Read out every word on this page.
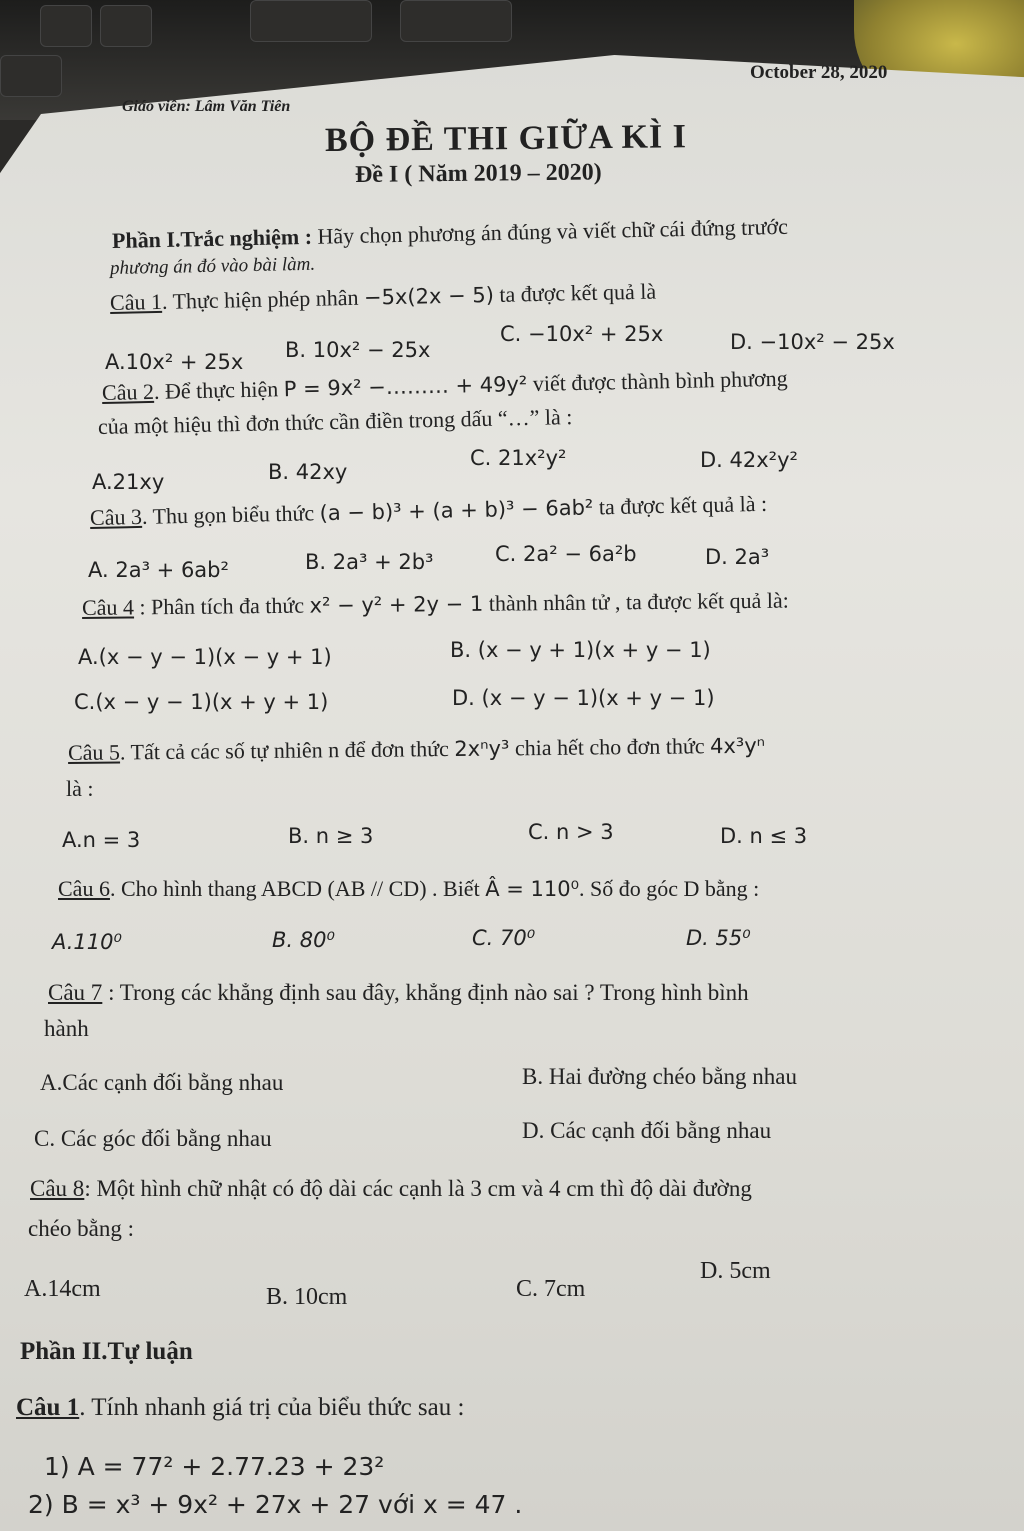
October 28, 2020
Giáo viên: Lâm Văn Tiên
BỘ ĐỀ THI GIỮA KÌ I
Đề I ( Năm 2019 – 2020)
Phần I.Trắc nghiệm : Hãy chọn phương án đúng và viết chữ cái đứng trước
phương án đó vào bài làm.
Câu 1. Thực hiện phép nhân −5x(2x − 5) ta được kết quả là
A.10x² + 25x B. 10x² − 25x
C. −10x² + 25x	D. −10x² − 25x
Câu 2. Để thực hiện P = 9x² −……… + 49y² viết được thành bình phương
của một hiệu thì đơn thức cần điền trong dấu “…” là :
A.21xy	B. 42xy
C. 21x²y²	D. 42x²y²
Câu 3. Thu gọn biểu thức (a − b)³ + (a + b)³ − 6ab² ta được kết quả là :
A. 2a³ + 6ab²	B. 2a³ + 2b³	C. 2a² − 6a²b	D. 2a³
Câu 4 : Phân tích đa thức x² − y² + 2y − 1 thành nhân tử , ta được kết quả là:
A.(x − y − 1)(x − y + 1)	B. (x − y + 1)(x + y − 1)
C.(x − y − 1)(x + y + 1)	D. (x − y − 1)(x + y − 1)
Câu 5. Tất cả các số tự nhiên n để đơn thức 2xⁿy³ chia hết cho đơn thức 4x³yⁿ
là :
A.n = 3	B. n ≥ 3	C. n > 3	D. n ≤ 3
Câu 6. Cho hình thang ABCD (AB // CD) . Biết Â = 110⁰. Số đo góc D bằng :
A.110⁰	B. 80⁰	C. 70⁰	D. 55⁰
Câu 7 : Trong các khẳng định sau đây, khẳng định nào sai ? Trong hình bình
hành
A.Các cạnh đối bằng nhau	B. Hai đường chéo bằng nhau
C. Các góc đối bằng nhau	D. Các cạnh đối bằng nhau
Câu 8: Một hình chữ nhật có độ dài các cạnh là 3 cm và 4 cm thì độ dài đường
chéo bằng :
A.14cm	B. 10cm	C. 7cm
D. 5cm
Phần II.Tự luận
Câu 1. Tính nhanh giá trị của biểu thức sau :
1) A = 77² + 2.77.23 + 23²
2) B = x³ + 9x² + 27x + 27 với x = 47 .
